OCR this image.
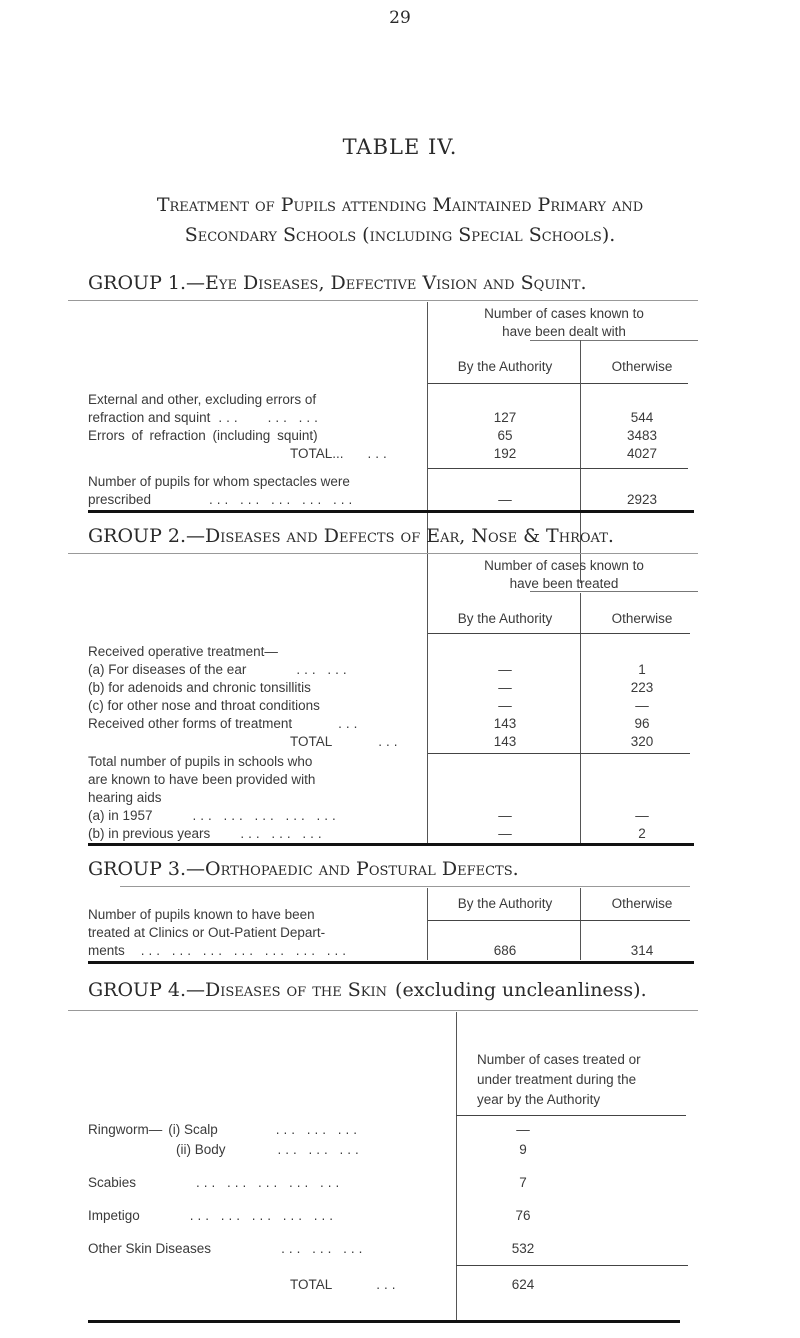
29
TABLE IV.
Treatment of Pupils attending Maintained Primary and
Secondary Schools (including Special Schools).
GROUP 1.—Eye Diseases, Defective Vision and Squint.
Number of cases known to
have been dealt with
By the Authority	Otherwise
External and other, excluding errors of
refraction and squint ... ... ...	127	544
Errors of refraction (including squint)	65	3483
TOTAL... ...	192	4027
Number of pupils for whom spectacles were
prescribed	... ... ... ... ...	—	2923
GROUP 2.—Diseases and Defects of Ear, Nose & Throat.
Number of cases known to
have been treated
By the Authority	Otherwise
Received operative treatment—
(a) For diseases of the ear	... ...	—	1
(b) for adenoids and chronic tonsillitis	—	223
(c) for other nose and throat conditions	—	—
Received other forms of treatment	...	143	96
TOTAL	...	143	320
Total number of pupils in schools who
are known to have been provided with
hearing aids
(a) in 1957	... ... ... ... ...	—	—
(b) in previous years ... ... ...	—	2
GROUP 3.—Orthopaedic and Postural Defects.
By the Authority	Otherwise
Number of pupils known to have been
treated at Clinics or Out-Patient Depart-
ments ... ... ... ... ... ... ...	686	314
GROUP 4.—Diseases of the Skin (excluding uncleanliness).
Number of cases treated or
under treatment during the
year by the Authority
Ringworm— (i) Scalp	... ... ...	—
(ii) Body	... ... ...	9
Scabies	... ... ... ... ...	7
Impetigo	... ... ... ... ...	76
Other Skin Diseases	... ... ...	532
TOTAL	...	624
